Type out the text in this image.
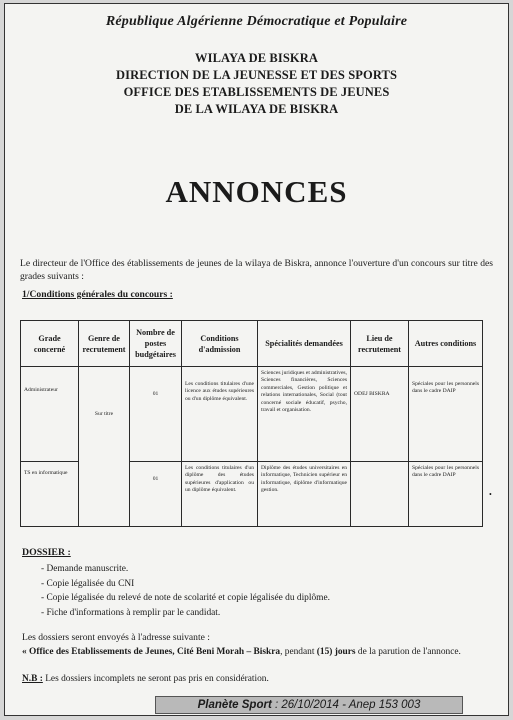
République Algérienne Démocratique et Populaire
WILAYA DE BISKRA
DIRECTION DE LA JEUNESSE ET DES SPORTS
OFFICE DES ETABLISSEMENTS DE JEUNES
DE LA WILAYA DE BISKRA
ANNONCES
Le directeur de l'Office des établissements de jeunes de la wilaya de Biskra, annonce l'ouverture d'un concours sur titre des grades suivants :
1/Conditions générales du concours :
Grade concerné	Genre de recrutement	Nombre de postes budgétaires	Conditions d'admission	Spécialités demandées	Lieu de recrutement	Autres conditions
Administrateur	Sur titre	01	Les conditions titulaires d'une licence aux études supérieures ou d'un diplôme équivalent.	Sciences juridiques et administratives, Sciences financières, Sciences commerciales, Gestion politique et relations internationales, Social (tout concerné sociale éducatif, psycho, travail et organisation.	ODEJ BISKRA	Spéciales pour les personnels dans le cadre DAIP
TS en informatique		01	Les conditions titulaires d'un diplôme des études supérieures d'application ou un diplôme équivalent.	Diplôme des études universitaires en informatique, Technicien supérieur en informatique, diplôme d'informatique gestion.		Spéciales pour les personnels dans le cadre DAIP
•
DOSSIER :
- Demande manuscrite.
- Copie légalisée du CNI
- Copie légalisée du relevé de note de scolarité et copie légalisée du diplôme.
- Fiche d'informations à remplir par le candidat.
Les dossiers seront envoyés à l'adresse suivante :
« Office des Etablissements de Jeunes, Cité Beni Morah – Biskra, pendant (15) jours de la parution de l'annonce.
N.B : Les dossiers incomplets ne seront pas pris en considération.
Planète Sport : 26/10/2014 - Anep 153 003
